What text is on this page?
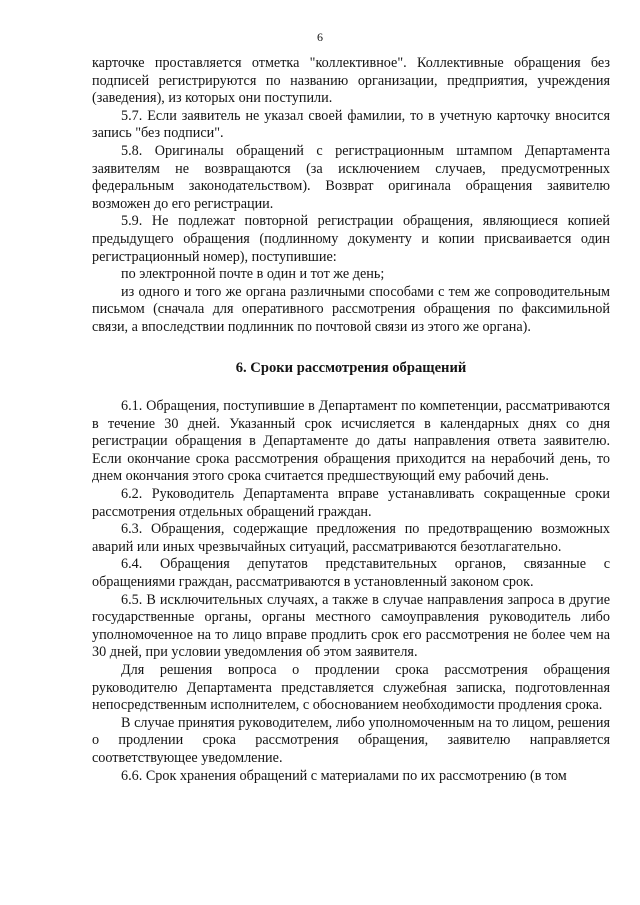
6

карточке проставляется отметка "коллективное". Коллективные обращения без подписей регистрируются по названию организации, предприятия, учреждения (заведения), из которых они поступили.

5.7. Если заявитель не указал своей фамилии, то в учетную карточку вносится запись "без подписи".

5.8. Оригиналы обращений с регистрационным штампом Департамента заявителям не возвращаются (за исключением случаев, предусмотренных федеральным законодательством). Возврат оригинала обращения заявителю возможен до его регистрации.

5.9. Не подлежат повторной регистрации обращения, являющиеся копией предыдущего обращения (подлинному документу и копии присваивается один регистрационный номер), поступившие:

по электронной почте в один и тот же день;

из одного и того же органа различными способами с тем же сопроводительным письмом (сначала для оперативного рассмотрения обращения по факсимильной связи, а впоследствии подлинник по почтовой связи из этого же органа).

6. Сроки рассмотрения обращений

6.1. Обращения, поступившие в Департамент по компетенции, рассматриваются в течение 30 дней. Указанный срок исчисляется в календарных днях со дня регистрации обращения в Департаменте до даты направления ответа заявителю. Если окончание срока рассмотрения обращения приходится на нерабочий день, то днем окончания этого срока считается предшествующий ему рабочий день.

6.2. Руководитель Департамента вправе устанавливать сокращенные сроки рассмотрения отдельных обращений граждан.

6.3. Обращения, содержащие предложения по предотвращению возможных аварий или иных чрезвычайных ситуаций, рассматриваются безотлагательно.

6.4. Обращения депутатов представительных органов, связанные с обращениями граждан, рассматриваются в установленный законом срок.

6.5. В исключительных случаях, а также в случае направления запроса в другие государственные органы, органы местного самоуправления руководитель либо уполномоченное на то лицо вправе продлить срок его рассмотрения не более чем на 30 дней, при условии уведомления об этом заявителя.

Для решения вопроса о продлении срока рассмотрения обращения руководителю Департамента представляется служебная записка, подготовленная непосредственным исполнителем, с обоснованием необходимости продления срока.

В случае принятия руководителем, либо уполномоченным на то лицом, решения о продлении срока рассмотрения обращения, заявителю направляется соответствующее уведомление.

6.6. Срок хранения обращений с материалами по их рассмотрению (в том
